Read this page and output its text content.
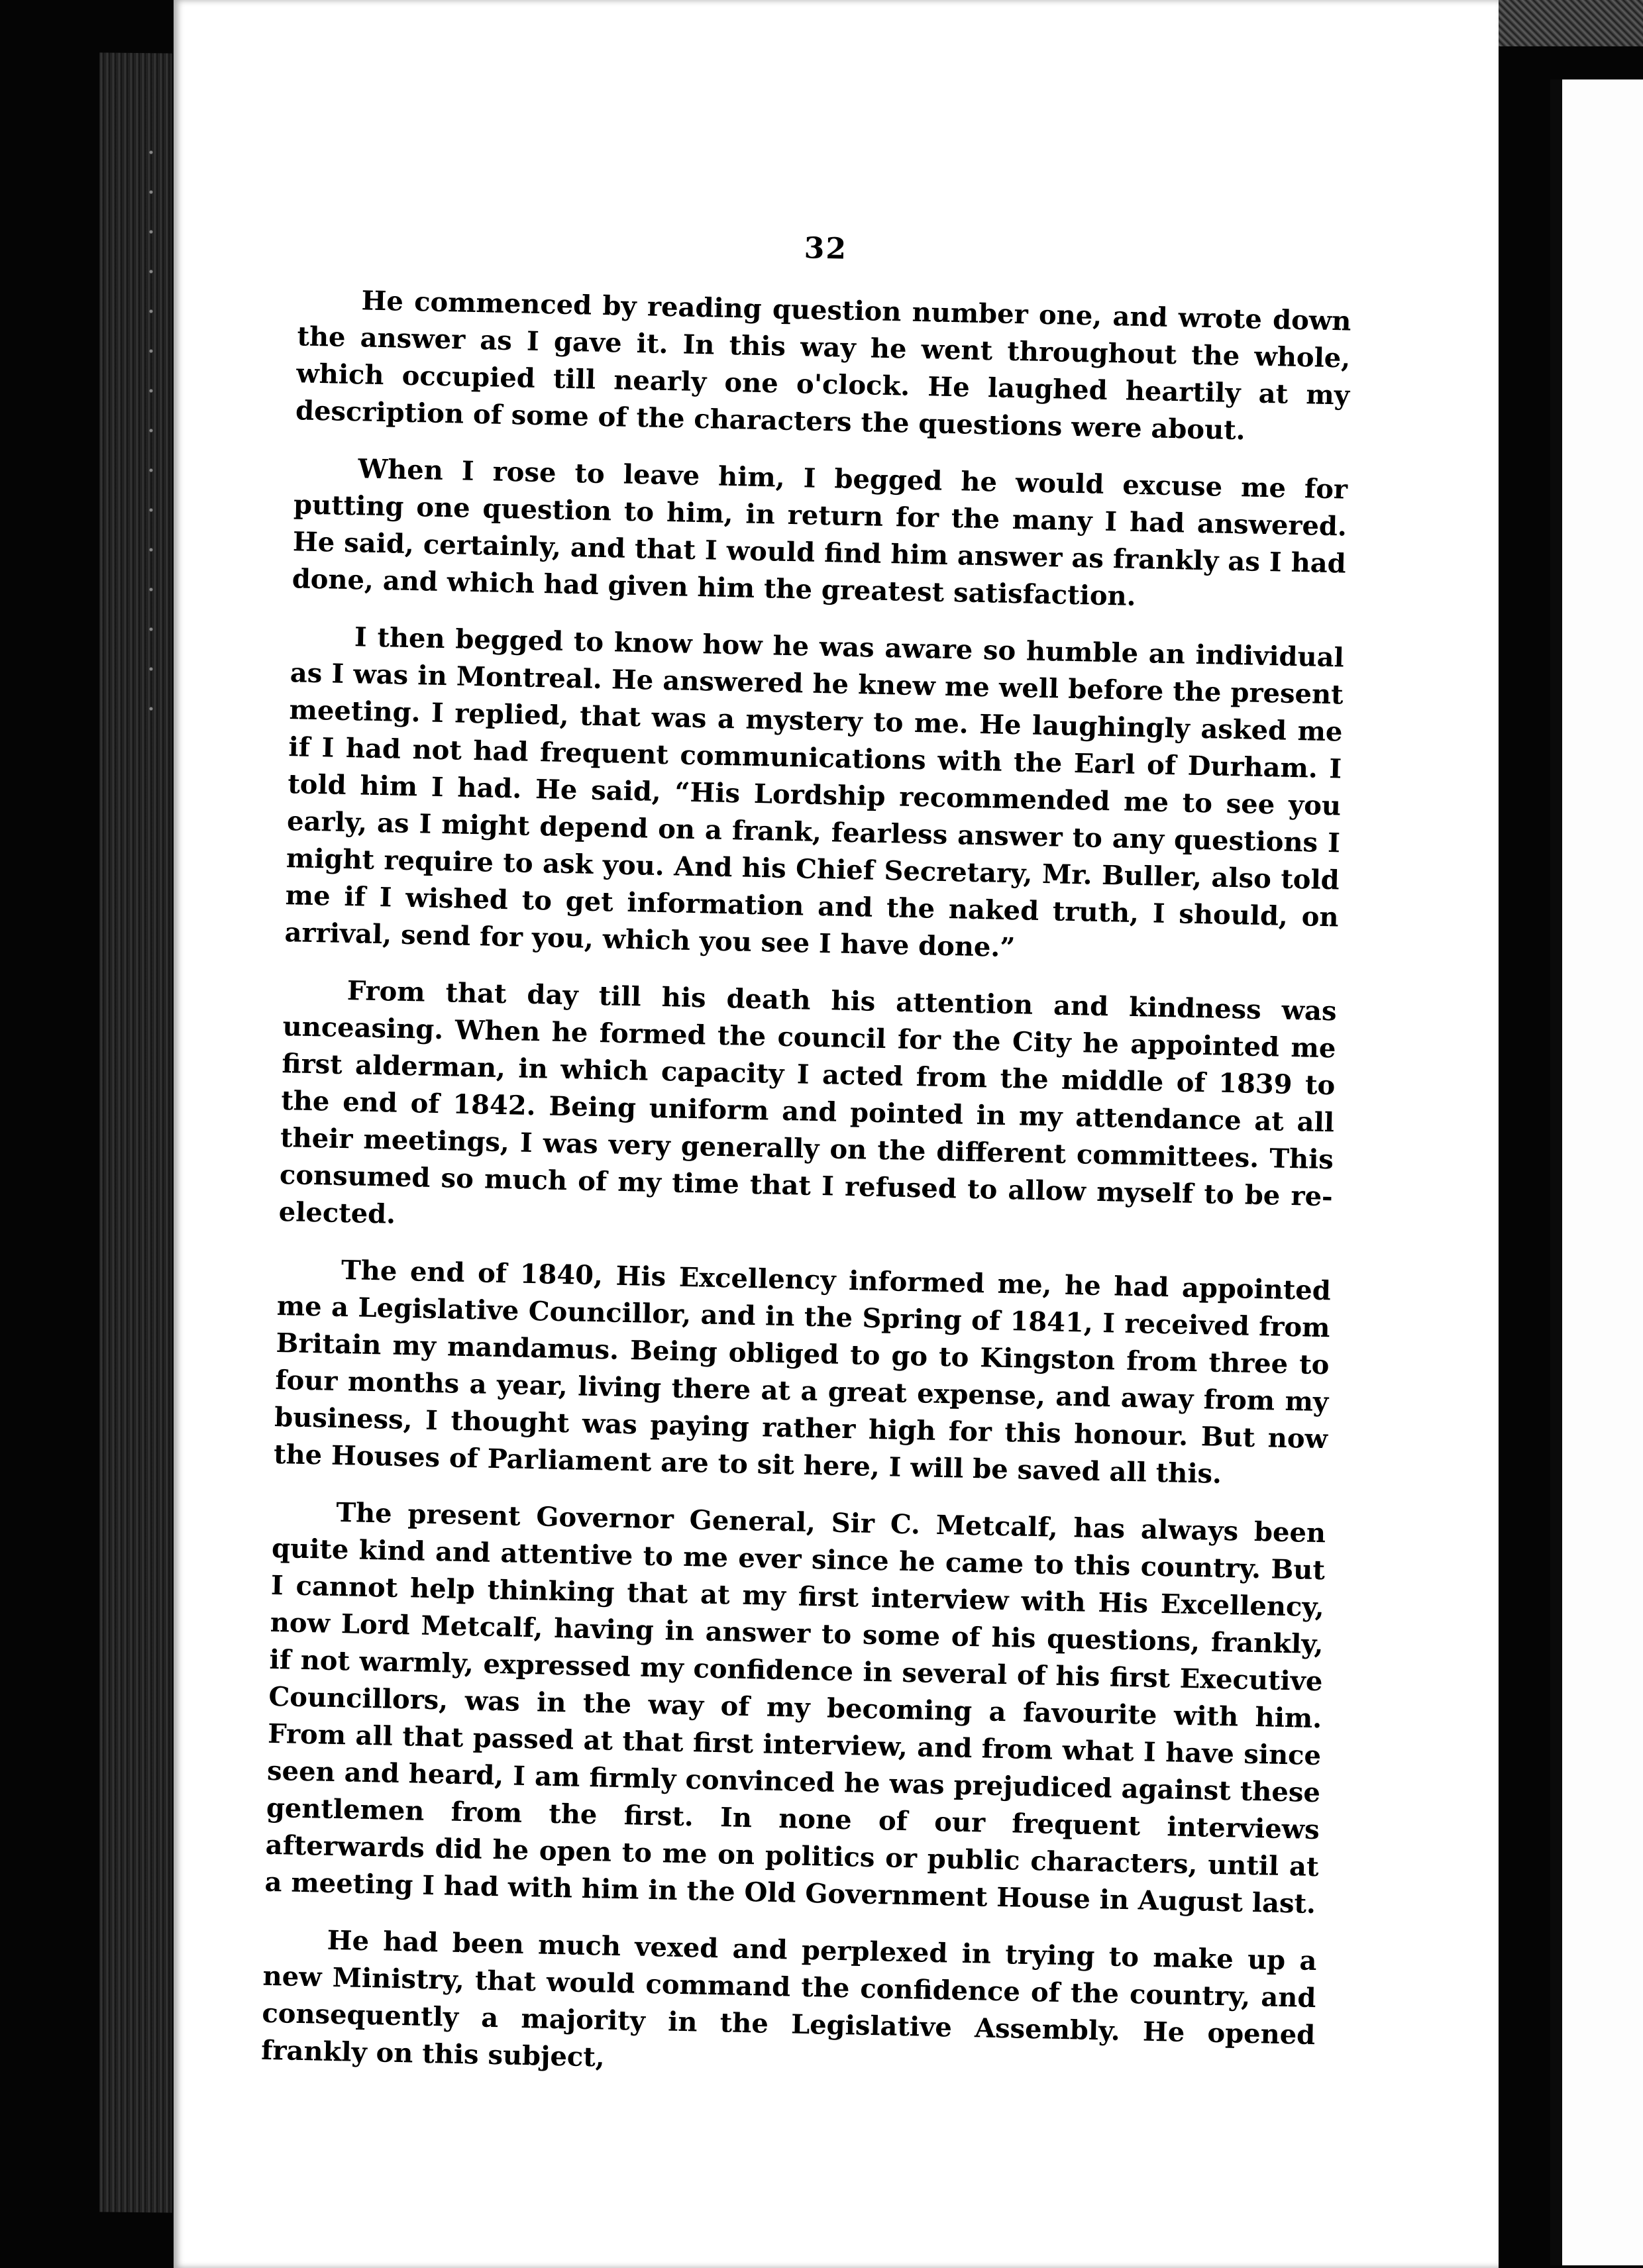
32

He commenced by reading question number one, and wrote down the answer as I gave it. In this way he went throughout the whole, which occupied till nearly one o'clock. He laughed heartily at my description of some of the characters the questions were about.

When I rose to leave him, I begged he would excuse me for putting one question to him, in return for the many I had answered. He said, certainly, and that I would find him answer as frankly as I had done, and which had given him the greatest satisfaction.

I then begged to know how he was aware so humble an individual as I was in Montreal. He answered he knew me well before the present meeting. I replied, that was a mystery to me. He laughingly asked me if I had not had frequent communications with the Earl of Durham. I told him I had. He said, “His Lordship recommended me to see you early, as I might depend on a frank, fearless answer to any questions I might require to ask you. And his Chief Secretary, Mr. Buller, also told me if I wished to get information and the naked truth, I should, on arrival, send for you, which you see I have done.”

From that day till his death his attention and kindness was unceasing. When he formed the council for the City he appointed me first alderman, in which capacity I acted from the middle of 1839 to the end of 1842. Being uniform and pointed in my attendance at all their meetings, I was very generally on the different committees. This consumed so much of my time that I refused to allow myself to be re-elected.

The end of 1840, His Excellency informed me, he had appointed me a Legislative Councillor, and in the Spring of 1841, I received from Britain my mandamus. Being obliged to go to Kingston from three to four months a year, living there at a great expense, and away from my business, I thought was paying rather high for this honour. But now the Houses of Parliament are to sit here, I will be saved all this.

The present Governor General, Sir C. Metcalf, has always been quite kind and attentive to me ever since he came to this country. But I cannot help thinking that at my first interview with His Excellency, now Lord Metcalf, having in answer to some of his questions, frankly, if not warmly, expressed my confidence in several of his first Executive Councillors, was in the way of my becoming a favourite with him. From all that passed at that first interview, and from what I have since seen and heard, I am firmly convinced he was prejudiced against these gentlemen from the first. In none of our frequent interviews afterwards did he open to me on politics or public characters, until at a meeting I had with him in the Old Government House in August last.

He had been much vexed and perplexed in trying to make up a new Ministry, that would command the confidence of the country, and consequently a majority in the Legislative Assembly. He opened frankly on this subject,
